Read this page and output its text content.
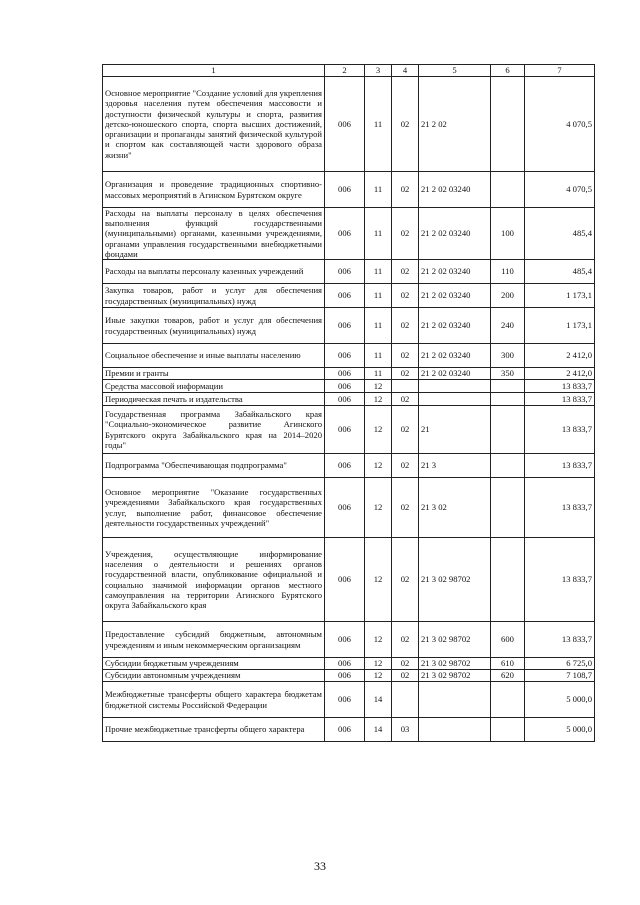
1	2	3	4	5	6	7
Основное мероприятие "Создание условий для укрепления здоровья населения путем обеспечения массовости и доступности физической культуры и спорта, развития детско-юношеского спорта, спорта высших достижений, организации и пропаганды занятий физической культурой и спортом как составляющей части здорового образа жизни"	006	11	02	21 2 02		4 070,5
Организация и проведение традиционных спортивно-массовых мероприятий в Агинском Бурятском округе	006	11	02	21 2 02 03240		4 070,5
Расходы на выплаты персоналу в целях обеспечения выполнения функций государственными (муниципальными) органами, казенными учреждениями, органами управления государственными внебюджетными фондами	006	11	02	21 2 02 03240	100	485,4
Расходы на выплаты персоналу казенных учреждений	006	11	02	21 2 02 03240	110	485,4
Закупка товаров, работ и услуг для обеспечения государственных (муниципальных) нужд	006	11	02	21 2 02 03240	200	1 173,1
Иные закупки товаров, работ и услуг для обеспечения государственных (муниципальных) нужд	006	11	02	21 2 02 03240	240	1 173,1
Социальное обеспечение и иные выплаты населению	006	11	02	21 2 02 03240	300	2 412,0
Премии и гранты	006	11	02	21 2 02 03240	350	2 412,0
Средства массовой информации	006	12				13 833,7
Периодическая печать и издательства	006	12	02			13 833,7
Государственная программа Забайкальского края "Социально-экономическое развитие Агинского Бурятского округа Забайкальского края на 2014–2020 годы"	006	12	02	21		13 833,7
Подпрограмма "Обеспечивающая подпрограмма"	006	12	02	21 3		13 833,7
Основное мероприятие "Оказание государственных учреждениями Забайкальского края государственных услуг, выполнение работ, финансовое обеспечение деятельности государственных учреждений"	006	12	02	21 3 02		13 833,7
Учреждения, осуществляющие информирование населения о деятельности и решениях органов государственной власти, опубликование официальной и социально значимой информации органов местного самоуправления на территории Агинского Бурятского округа Забайкальского края	006	12	02	21 3 02 98702		13 833,7
Предоставление субсидий бюджетным, автономным учреждениям и иным некоммерческим организациям	006	12	02	21 3 02 98702	600	13 833,7
Субсидии бюджетным учреждениям	006	12	02	21 3 02 98702	610	6 725,0
Субсидии автономным учреждениям	006	12	02	21 3 02 98702	620	7 108,7
Межбюджетные трансферты общего характера бюджетам бюджетной системы Российской Федерации	006	14				5 000,0
Прочие межбюджетные трансферты общего характера	006	14	03			5 000,0
33
